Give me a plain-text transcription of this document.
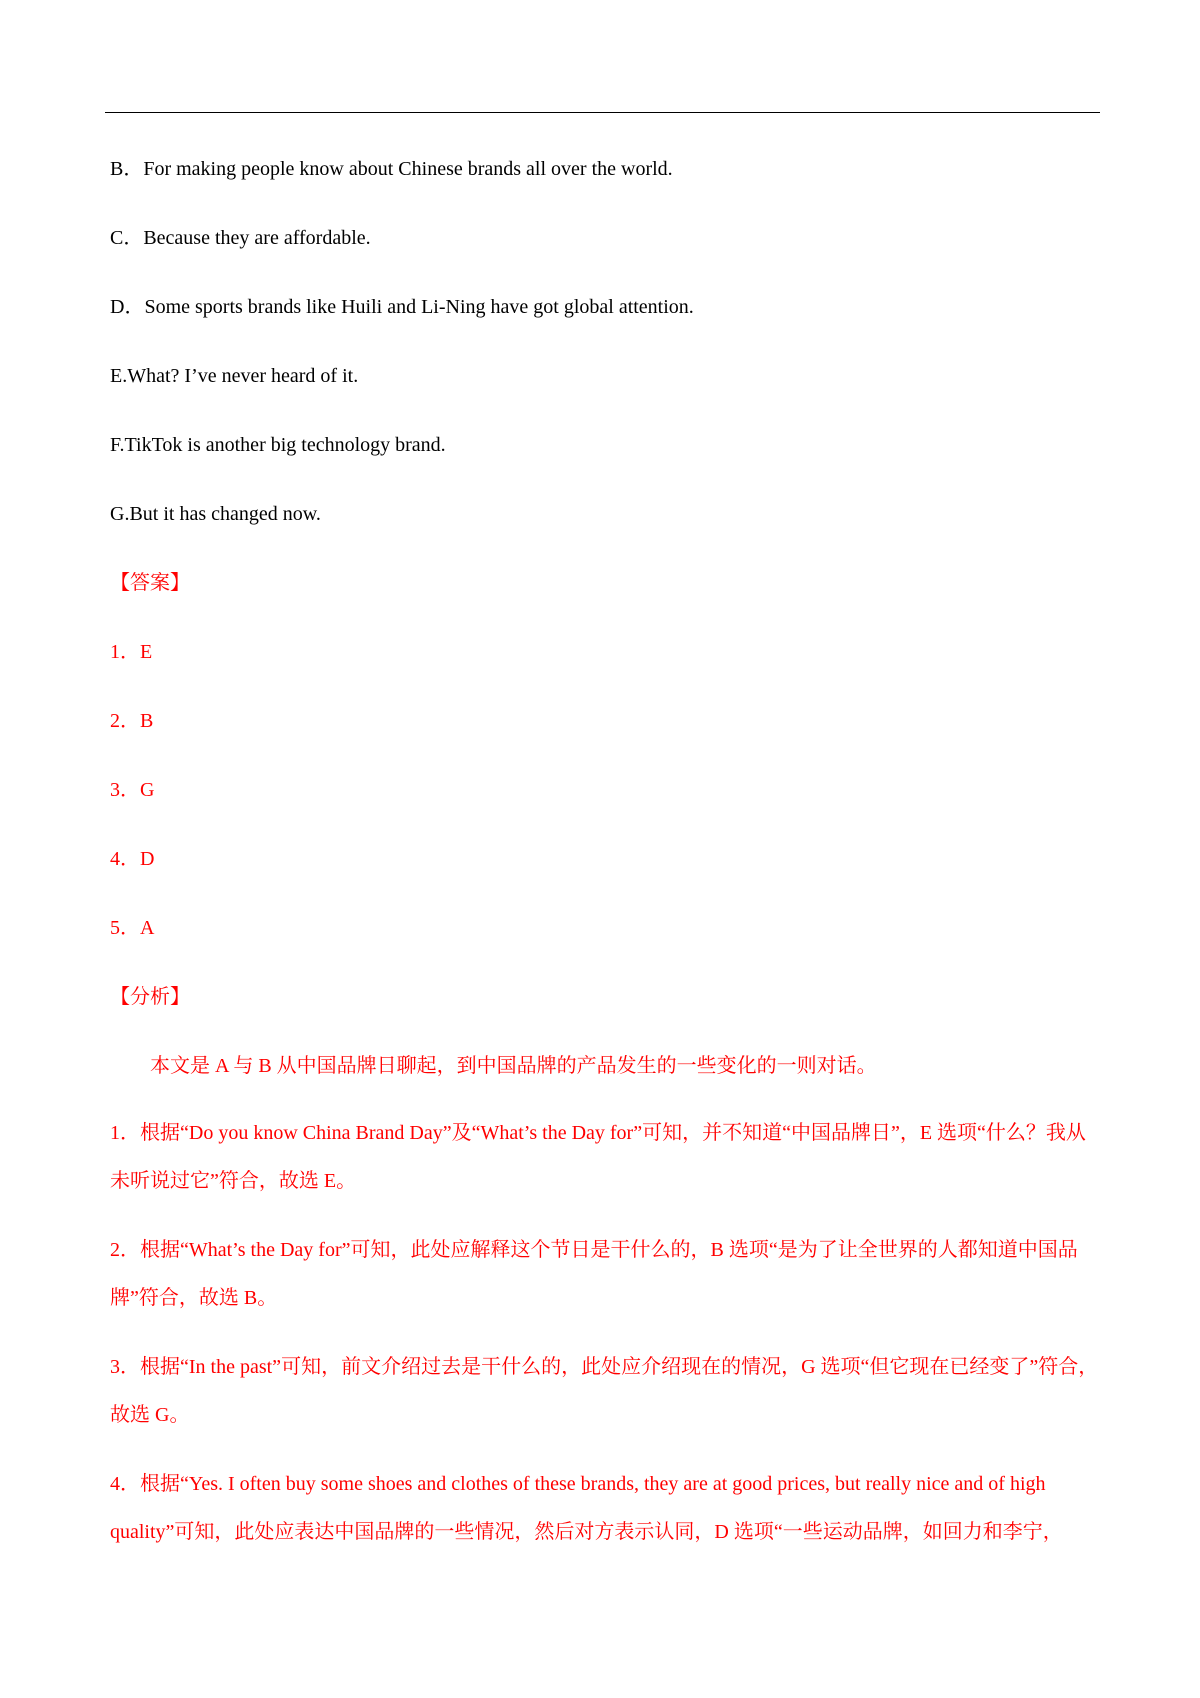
B．For making people know about Chinese brands all over the world.
C．Because they are affordable.
D．Some sports brands like Huili and Li-Ning have got global attention.
E.What? I’ve never heard of it.
F.TikTok is another big technology brand.
G.But it has changed now.
【答案】
1．E
2．B
3．G
4．D
5．A
【分析】
本文是 A 与 B 从中国品牌日聊起，到中国品牌的产品发生的一些变化的一则对话。
1．根据“Do you know China Brand Day”及“What’s the Day for”可知，并不知道“中国品牌日”，E 选项“什么？我从未听说过它”符合，故选 E。
2．根据“What’s the Day for”可知，此处应解释这个节日是干什么的，B 选项“是为了让全世界的人都知道中国品牌”符合，故选 B。
3．根据“In the past”可知，前文介绍过去是干什么的，此处应介绍现在的情况，G 选项“但它现在已经变了”符合，故选 G。
4．根据“Yes. I often buy some shoes and clothes of these brands, they are at good prices, but really nice and of high quality”可知，此处应表达中国品牌的一些情况，然后对方表示认同，D 选项“一些运动品牌，如回力和李宁，
